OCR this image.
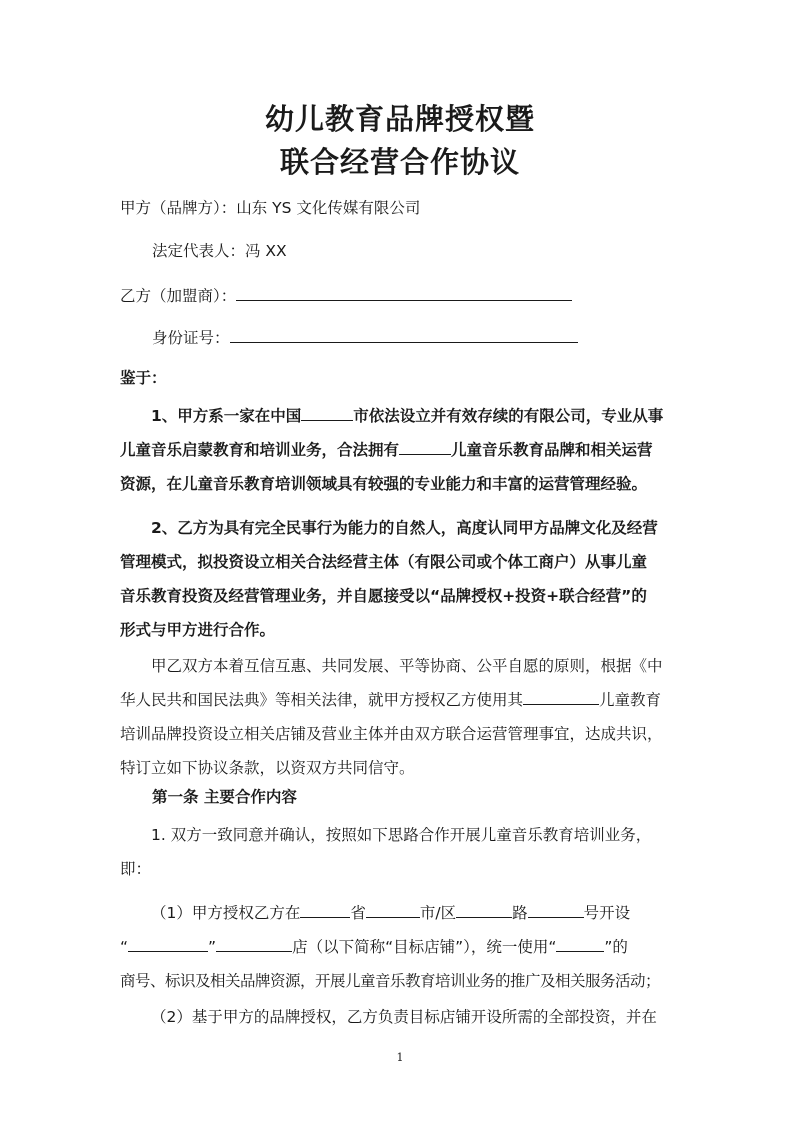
幼儿教育品牌授权暨
联合经营合作协议
甲方（品牌方）：山东 YS 文化传媒有限公司
法定代表人：冯 XX
乙方（加盟商）：
身份证号：
鉴于：
1、甲方系一家在中国	市依法设立并有效存续的有限公司，专业从事
儿童音乐启蒙教育和培训业务，合法拥有	儿童音乐教育品牌和相关运营
资源，在儿童音乐教育培训领域具有较强的专业能力和丰富的运营管理经验。
2、乙方为具有完全民事行为能力的自然人，高度认同甲方品牌文化及经营
管理模式，拟投资设立相关合法经营主体（有限公司或个体工商户）从事儿童
音乐教育投资及经营管理业务，并自愿接受以“品牌授权+投资+联合经营”的
形式与甲方进行合作。
甲乙双方本着互信互惠、共同发展、平等协商、公平自愿的原则，根据《中
华人民共和国民法典》等相关法律，就甲方授权乙方使用其	儿童教育
培训品牌投资设立相关店铺及营业主体并由双方联合运营管理事宜，达成共识，
特订立如下协议条款，以资双方共同信守。
第一条 主要合作内容
1. 双方一致同意并确认，按照如下思路合作开展儿童音乐教育培训业务，
即：
（1）甲方授权乙方在	省	市/区	路	号开设
“	”	店（以下简称“目标店铺”），统一使用“	”的
商号、标识及相关品牌资源，开展儿童音乐教育培训业务的推广及相关服务活动；
（2）基于甲方的品牌授权，乙方负责目标店铺开设所需的全部投资，并在
1
